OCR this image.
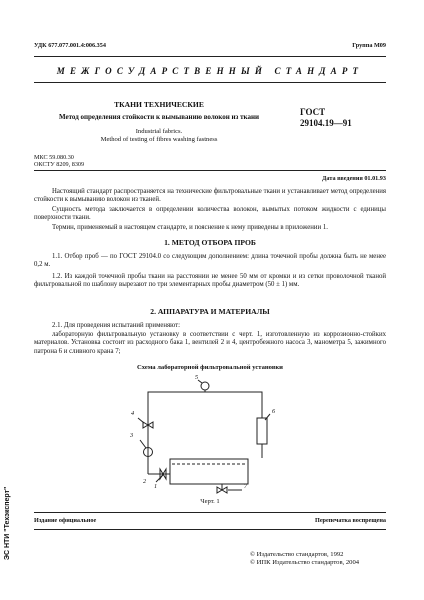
УДК 677.077.001.4:006.354	Группа М09
МЕЖГОСУДАРСТВЕННЫЙ СТАНДАРТ
ТКАНИ ТЕХНИЧЕСКИЕ
Метод определения стойкости к вымыванию волокон из ткани
Industrial fabrics.
Method of testing of fibres washing fastness
ГОСТ
29104.19—91
МКС 59.080.30
ОКСТУ 8209, 8309
Дата введения 01.01.93
Настоящий стандарт распространяется на технические фильтровальные ткани и устанавливает метод определения стойкости к вымыванию волокон из тканей.
Сущность метода заключается в определении количества волокон, вымытых потоком жидкости с единицы поверхности ткани.
Термин, применяемый в настоящем стандарте, и пояснение к нему приведены в приложении 1.
1. МЕТОД ОТБОРА ПРОБ
1.1. Отбор проб — по ГОСТ 29104.0 со следующим дополнением: длина точечной пробы должна быть не менее 0,2 м.
1.2. Из каждой точечной пробы ткани на расстоянии не менее 50 мм от кромки и из сетки проволочной тканой фильтровальной по шаблону вырезают по три элементарных пробы диаметром (50 ± 1) мм.
2. АППАРАТУРА И МАТЕРИАЛЫ
2.1. Для проведения испытаний применяют:
лабораторную фильтровальную установку в соответствии с черт. 1, изготовленную из коррозионно-стойких материалов. Установка состоит из расходного бака 1, вентилей 2 и 4, центробежного насоса 3, манометра 5, зажимного патрона 6 и сливного крана 7;
Схема лабораторной фильтровальной установки
1
2
3
4
5
6
7
Черт. 1
Издание официальное	Перепечатка воспрещена
© Издательство стандартов, 1992
© ИПК Издательство стандартов, 2004
ЭС НТИ "Техэксперт"
